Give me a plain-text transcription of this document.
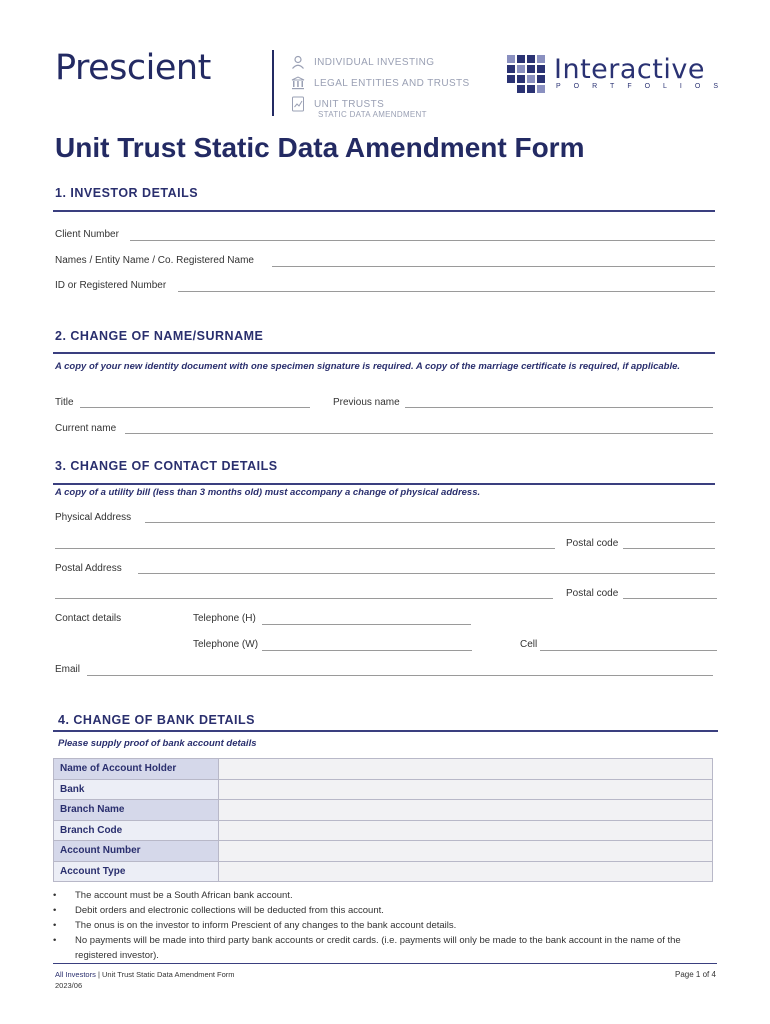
Prescient	INDIVIDUAL INVESTING
LEGAL ENTITIES AND TRUSTS
UNIT TRUSTS
STATIC DATA AMENDMENT
Interactive
PORTFOLIOS
Unit Trust Static Data Amendment Form
1. INVESTOR DETAILS
Client Number
Names / Entity Name / Co. Registered Name
ID or Registered Number
2. CHANGE OF NAME/SURNAME
A copy of your new identity document with one specimen signature is required. A copy of the marriage certificate is required, if applicable.
Title	Previous name
Current name
3. CHANGE OF CONTACT DETAILS
A copy of a utility bill (less than 3 months old) must accompany a change of physical address.
Physical Address
Postal code
Postal Address
Postal code
Contact details	Telephone (H)
Telephone (W)	Cell
Email
4. CHANGE OF BANK DETAILS
Please supply proof of bank account details
Name of Account Holder	
Bank	
Branch Name	
Branch Code	
Account Number	
Account Type	
• The account must be a South African bank account.
• Debit orders and electronic collections will be deducted from this account.
• The onus is on the investor to inform Prescient of any changes to the bank account details.
• No payments will be made into third party bank accounts or credit cards. (i.e. payments will only be made to the bank account in the name of the registered investor).
All Investors | Unit Trust Static Data Amendment Form
2023/06
Page 1 of 4
